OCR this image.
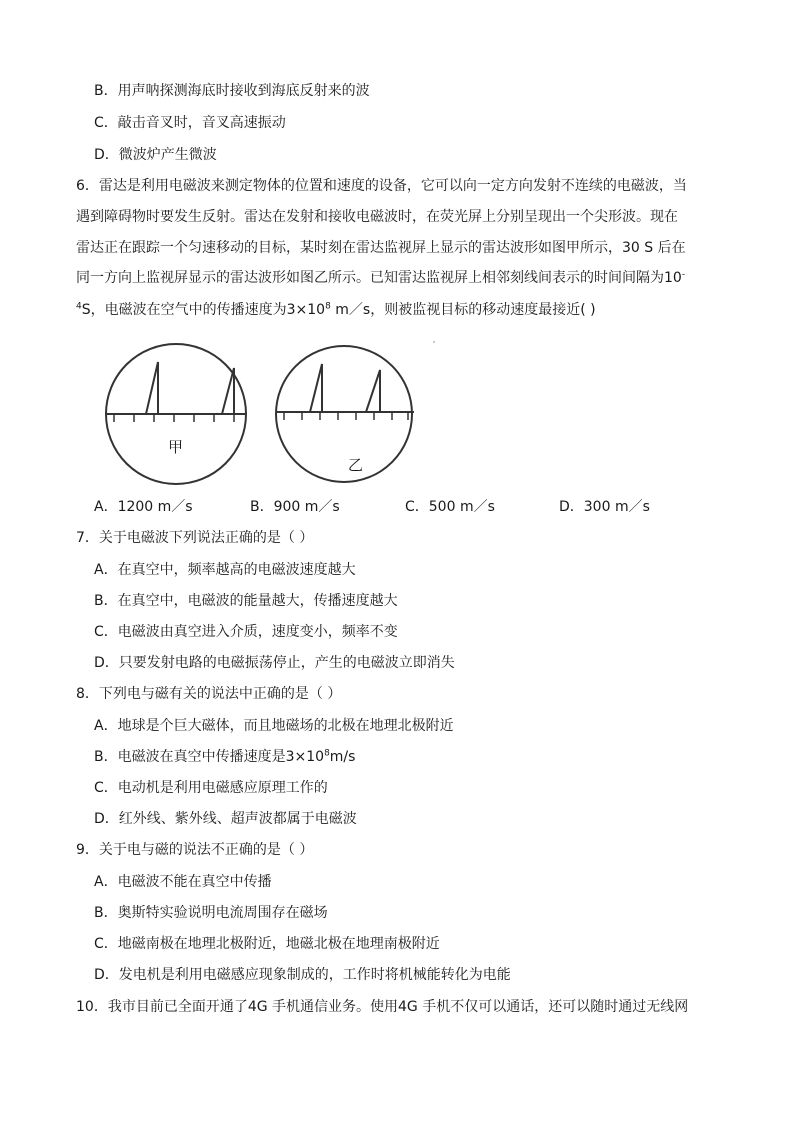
B．用声呐探测海底时接收到海底反射来的波
C．敲击音叉时，音叉高速振动
D．微波炉产生微波
6．雷达是利用电磁波来测定物体的位置和速度的设备，它可以向一定方向发射不连续的电磁波，当
遇到障碍物时要发生反射。雷达在发射和接收电磁波时，在荧光屏上分别呈现出一个尖形波。现在
雷达正在跟踪一个匀速移动的目标，某时刻在雷达监视屏上显示的雷达波形如图甲所示，30 S 后在
同一方向上监视屏显示的雷达波形如图乙所示。已知雷达监视屏上相邻刻线间表示的时间间隔为10-
$^4$S，电磁波在空气中的传播速度为$3\times 10^8$ m／s，则被监视目标的移动速度最接近( )
甲
乙
A．1200 m／s	B．900 m／s	C．500 m／s	D．300 m／s
7．关于电磁波下列说法正确的是（ ）
A．在真空中，频率越高的电磁波速度越大
B．在真空中，电磁波的能量越大，传播速度越大
C．电磁波由真空进入介质，速度变小，频率不变
D．只要发射电路的电磁振荡停止，产生的电磁波立即消失
8．下列电与磁有关的说法中正确的是（ ）
A．地球是个巨大磁体，而且地磁场的北极在地理北极附近
B．电磁波在真空中传播速度是$3\times 10^8m/s$
C．电动机是利用电磁感应原理工作的
D．红外线、紫外线、超声波都属于电磁波
9．关于电与磁的说法不正确的是（ ）
A．电磁波不能在真空中传播
B．奥斯特实验说明电流周围存在磁场
C．地磁南极在地理北极附近，地磁北极在地理南极附近
D．发电机是利用电磁感应现象制成的，工作时将机械能转化为电能
10．我市目前已全面开通了4G 手机通信业务。使用4G 手机不仅可以通话，还可以随时通过无线网
